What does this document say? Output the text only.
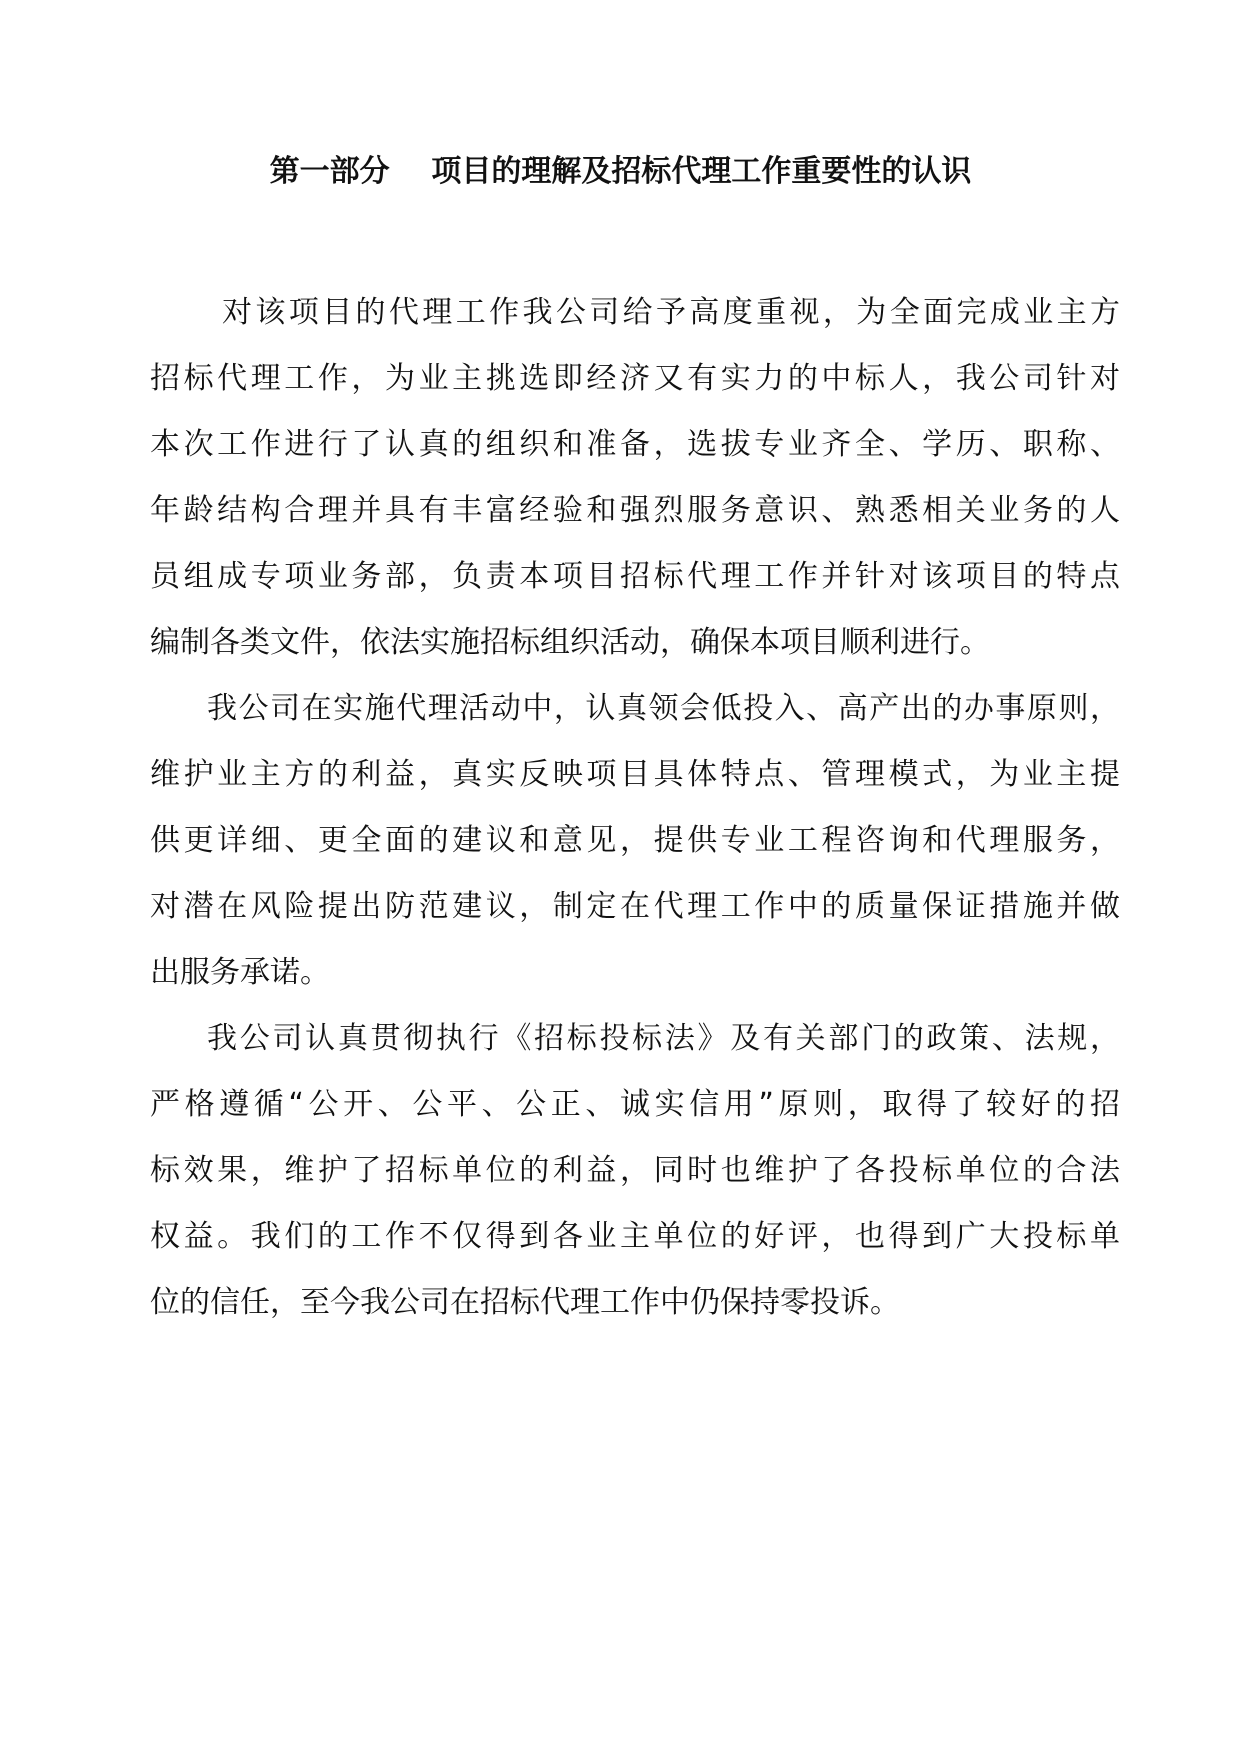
第一部分    项目的理解及招标代理工作重要性的认识

对该项目的代理工作我公司给予高度重视，为全面完成业主方
招标代理工作，为业主挑选即经济又有实力的中标人，我公司针对
本次工作进行了认真的组织和准备，选拔专业齐全、学历、职称、
年龄结构合理并具有丰富经验和强烈服务意识、熟悉相关业务的人
员组成专项业务部，负责本项目招标代理工作并针对该项目的特点
编制各类文件，依法实施招标组织活动，确保本项目顺利进行。

我公司在实施代理活动中，认真领会低投入、高产出的办事原则，
维护业主方的利益，真实反映项目具体特点、管理模式，为业主提
供更详细、更全面的建议和意见，提供专业工程咨询和代理服务，
对潜在风险提出防范建议，制定在代理工作中的质量保证措施并做
出服务承诺。

我公司认真贯彻执行《招标投标法》及有关部门的政策、法规，
严格遵循“公开、公平、公正、诚实信用”原则，取得了较好的招
标效果，维护了招标单位的利益，同时也维护了各投标单位的合法
权益。我们的工作不仅得到各业主单位的好评，也得到广大投标单
位的信任，至今我公司在招标代理工作中仍保持零投诉。
